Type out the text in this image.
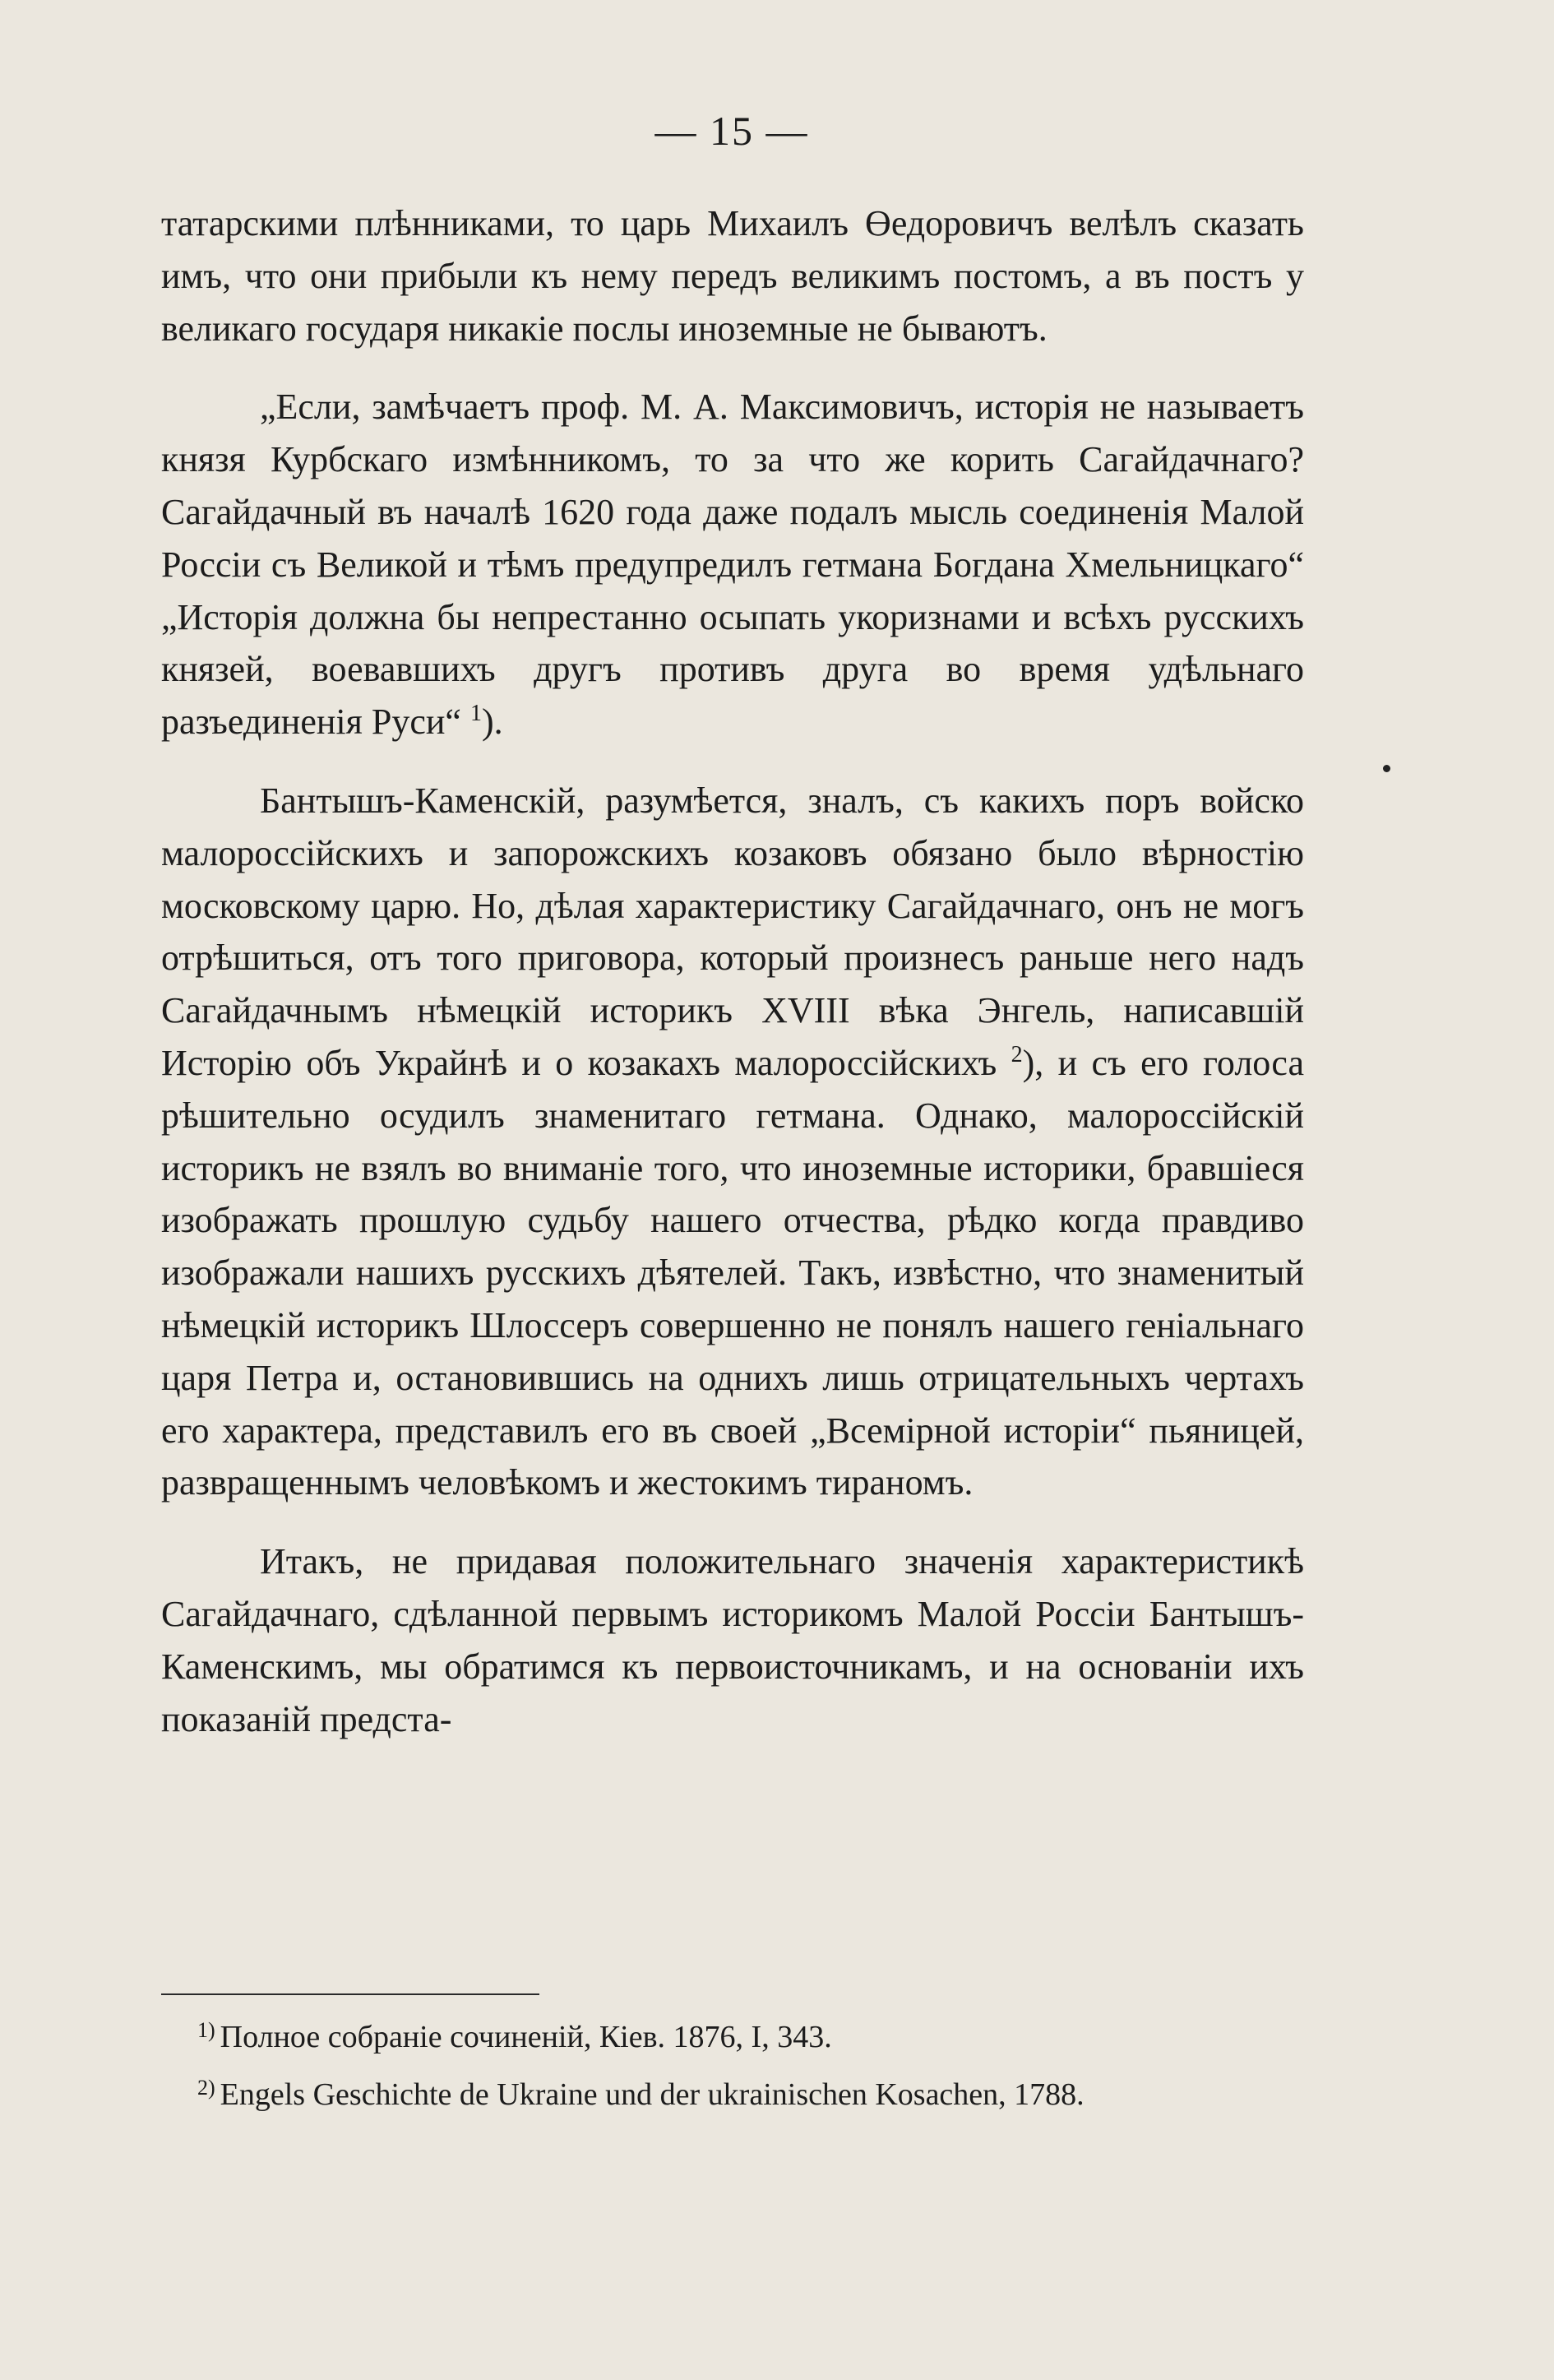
— 15 —

татарскими плѣнниками, то царь Михаилъ Өедоровичъ велѣлъ сказать имъ, что они прибыли къ нему передъ великимъ постомъ, а въ постъ у великаго государя никакіе послы иноземные не бываютъ.

„Если, замѣчаетъ проф. М. А. Максимовичъ, исторія не называетъ князя Курбскаго измѣнникомъ, то за что же корить Сагайдачнаго? Сагайдачный въ началѣ 1620 года даже подалъ мысль соединенія Малой Россіи съ Великой и тѣмъ предупредилъ гетмана Богдана Хмельницкаго“ „Исторія должна бы непрестанно осыпать укоризнами и всѣхъ русскихъ князей, воевавшихъ другъ противъ друга во время удѣльнаго разъединенія Руси“ $^1$).

Бантышъ-Каменскій, разумѣется, зналъ, съ какихъ поръ войско малороссійскихъ и запорожскихъ козаковъ обязано было вѣрностію московскому царю. Но, дѣлая характеристику Сагайдачнаго, онъ не могъ отрѣшиться, отъ того приговора, который произнесъ раньше него надъ Сагайдачнымъ нѣмецкій историкъ XVIII вѣка Энгель, написавшій Исторію объ Украйнѣ и о козакахъ малороссійскихъ $^2$), и съ его голоса рѣшительно осудилъ знаменитаго гетмана. Однако, малороссійскій историкъ не взялъ во вниманіе того, что иноземные историки, бравшіеся изображать прошлую судьбу нашего отчества, рѣдко когда правдиво изображали нашихъ русскихъ дѣятелей. Такъ, извѣстно, что знаменитый нѣмецкій историкъ Шлоссеръ совершенно не понялъ нашего геніальнаго царя Петра и, остановившись на однихъ лишь отрицательныхъ чертахъ его характера, представилъ его въ своей „Всемірной исторіи“ пьяницей, развращеннымъ человѣкомъ и жестокимъ тираномъ.

Итакъ, не придавая положительнаго значенія характеристикѣ Сагайдачнаго, сдѣланной первымъ историкомъ Малой Россіи Бантышъ-Каменскимъ, мы обратимся къ первоисточникамъ, и на основаніи ихъ показаній предста-

$^{1)}$ Полное собраніе сочиненій, Кіев. 1876, I, 343.

$^{2)}$ Engels Geschichte de Ukraine und der ukrainischen Kosachen, 1788.
